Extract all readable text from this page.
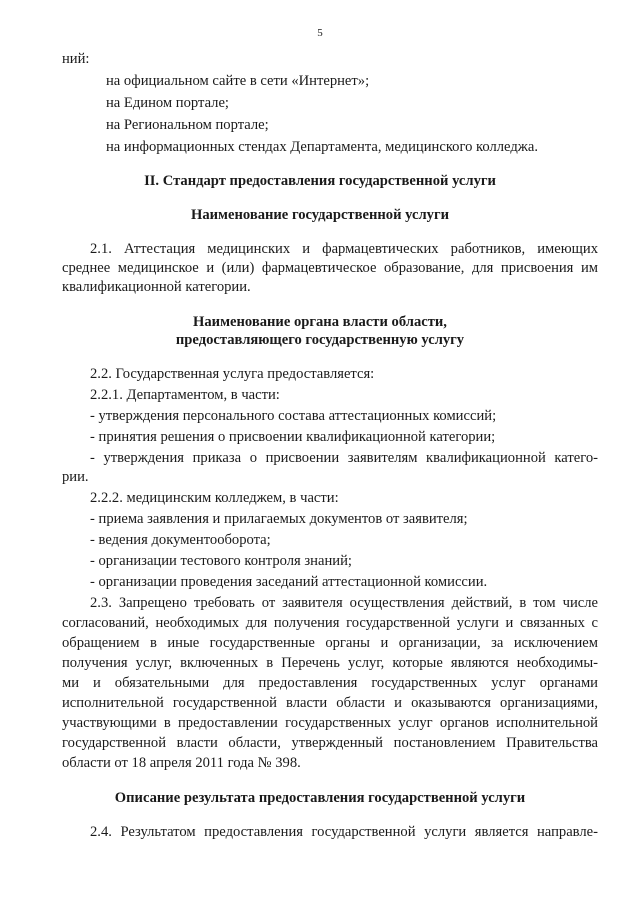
5
ний:
на официальном сайте в сети «Интернет»;
на Едином портале;
на Региональном портале;
на информационных стендах Департамента, медицинского колледжа.
II. Стандарт предоставления государственной услуги
Наименование государственной услуги
2.1. Аттестация медицинских и фармацевтических работников, имеющих
среднее медицинское и (или) фармацевтическое образование, для присвоения им
квалификационной категории.
Наименование органа власти области,
предоставляющего государственную услугу
2.2. Государственная услуга предоставляется:
2.2.1. Департаментом, в части:
- утверждения персонального состава аттестационных комиссий;
- принятия решения о присвоении квалификационной категории;
- утверждения приказа о присвоении заявителям квалификационной катего-
рии.
2.2.2. медицинским колледжем, в части:
- приема заявления и прилагаемых документов от заявителя;
- ведения документооборота;
- организации тестового контроля знаний;
- организации проведения заседаний аттестационной комиссии.
2.3. Запрещено требовать от заявителя осуществления действий, в том числе
согласований, необходимых для получения государственной услуги и связанных с
обращением в иные государственные органы и организации, за исключением
получения услуг, включенных в Перечень услуг, которые являются необходимы-
ми и обязательными для предоставления государственных услуг органами
исполнительной государственной власти области и оказываются организациями,
участвующими в предоставлении государственных услуг органов исполнительной
государственной власти области, утвержденный постановлением Правительства
области от 18 апреля 2011 года № 398.
Описание результата предоставления государственной услуги
2.4. Результатом предоставления государственной услуги является направле-
